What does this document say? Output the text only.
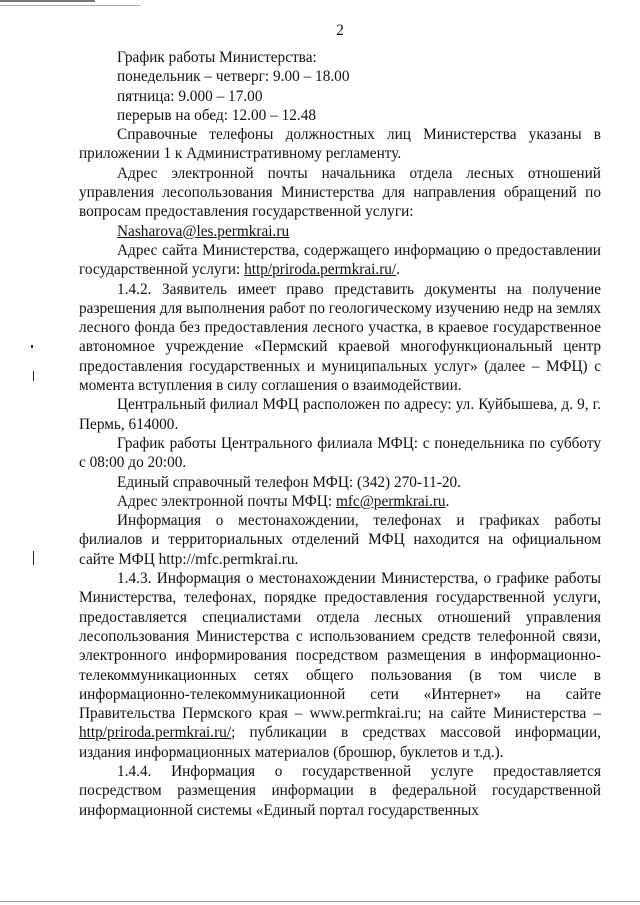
2

График работы Министерства:

понедельник – четверг: 9.00 – 18.00

пятница: 9.000 – 17.00

перерыв на обед: 12.00 – 12.48

Справочные телефоны должностных лиц Министерства указаны в приложении 1 к Административному регламенту.

Адрес электронной почты начальника отдела лесных отношений управления лесопользования Министерства для направления обращений по вопросам предоставления государственной услуги:

Nasharova@les.permkrai.ru

Адрес сайта Министерства, содержащего информацию о предоставлении государственной услуги: http/priroda.permkrai.ru/.

1.4.2. Заявитель имеет право представить документы на получение разрешения для выполнения работ по геологическому изучению недр на землях лесного фонда без предоставления лесного участка, в краевое государственное автономное учреждение «Пермский краевой многофункциональный центр предоставления государственных и муниципальных услуг» (далее – МФЦ) с момента вступления в силу соглашения о взаимодействии.

Центральный филиал МФЦ расположен по адресу: ул. Куйбышева, д. 9, г. Пермь, 614000.

График работы Центрального филиала МФЦ: с понедельника по субботу с 08:00 до 20:00.

Единый справочный телефон МФЦ: (342) 270-11-20.

Адрес электронной почты МФЦ: mfc@permkrai.ru.

Информация о местонахождении, телефонах и графиках работы филиалов и территориальных отделений МФЦ находится на официальном сайте МФЦ http://mfc.permkrai.ru.

1.4.3. Информация о местонахождении Министерства, о графике работы Министерства, телефонах, порядке предоставления государственной услуги, предоставляется специалистами отдела лесных отношений управления лесопользования Министерства с использованием средств телефонной связи, электронного информирования посредством размещения в информационно-телекоммуникационных сетях общего пользования (в том числе в информационно-телекоммуникационной сети «Интернет» на сайте Правительства Пермского края – www.permkrai.ru; на сайте Министерства – http/priroda.permkrai.ru/; публикации в средствах массовой информации, издания информационных материалов (брошюр, буклетов и т.д.).

1.4.4. Информация о государственной услуге предоставляется посредством размещения информации в федеральной государственной информационной системы «Единый портал государственных
